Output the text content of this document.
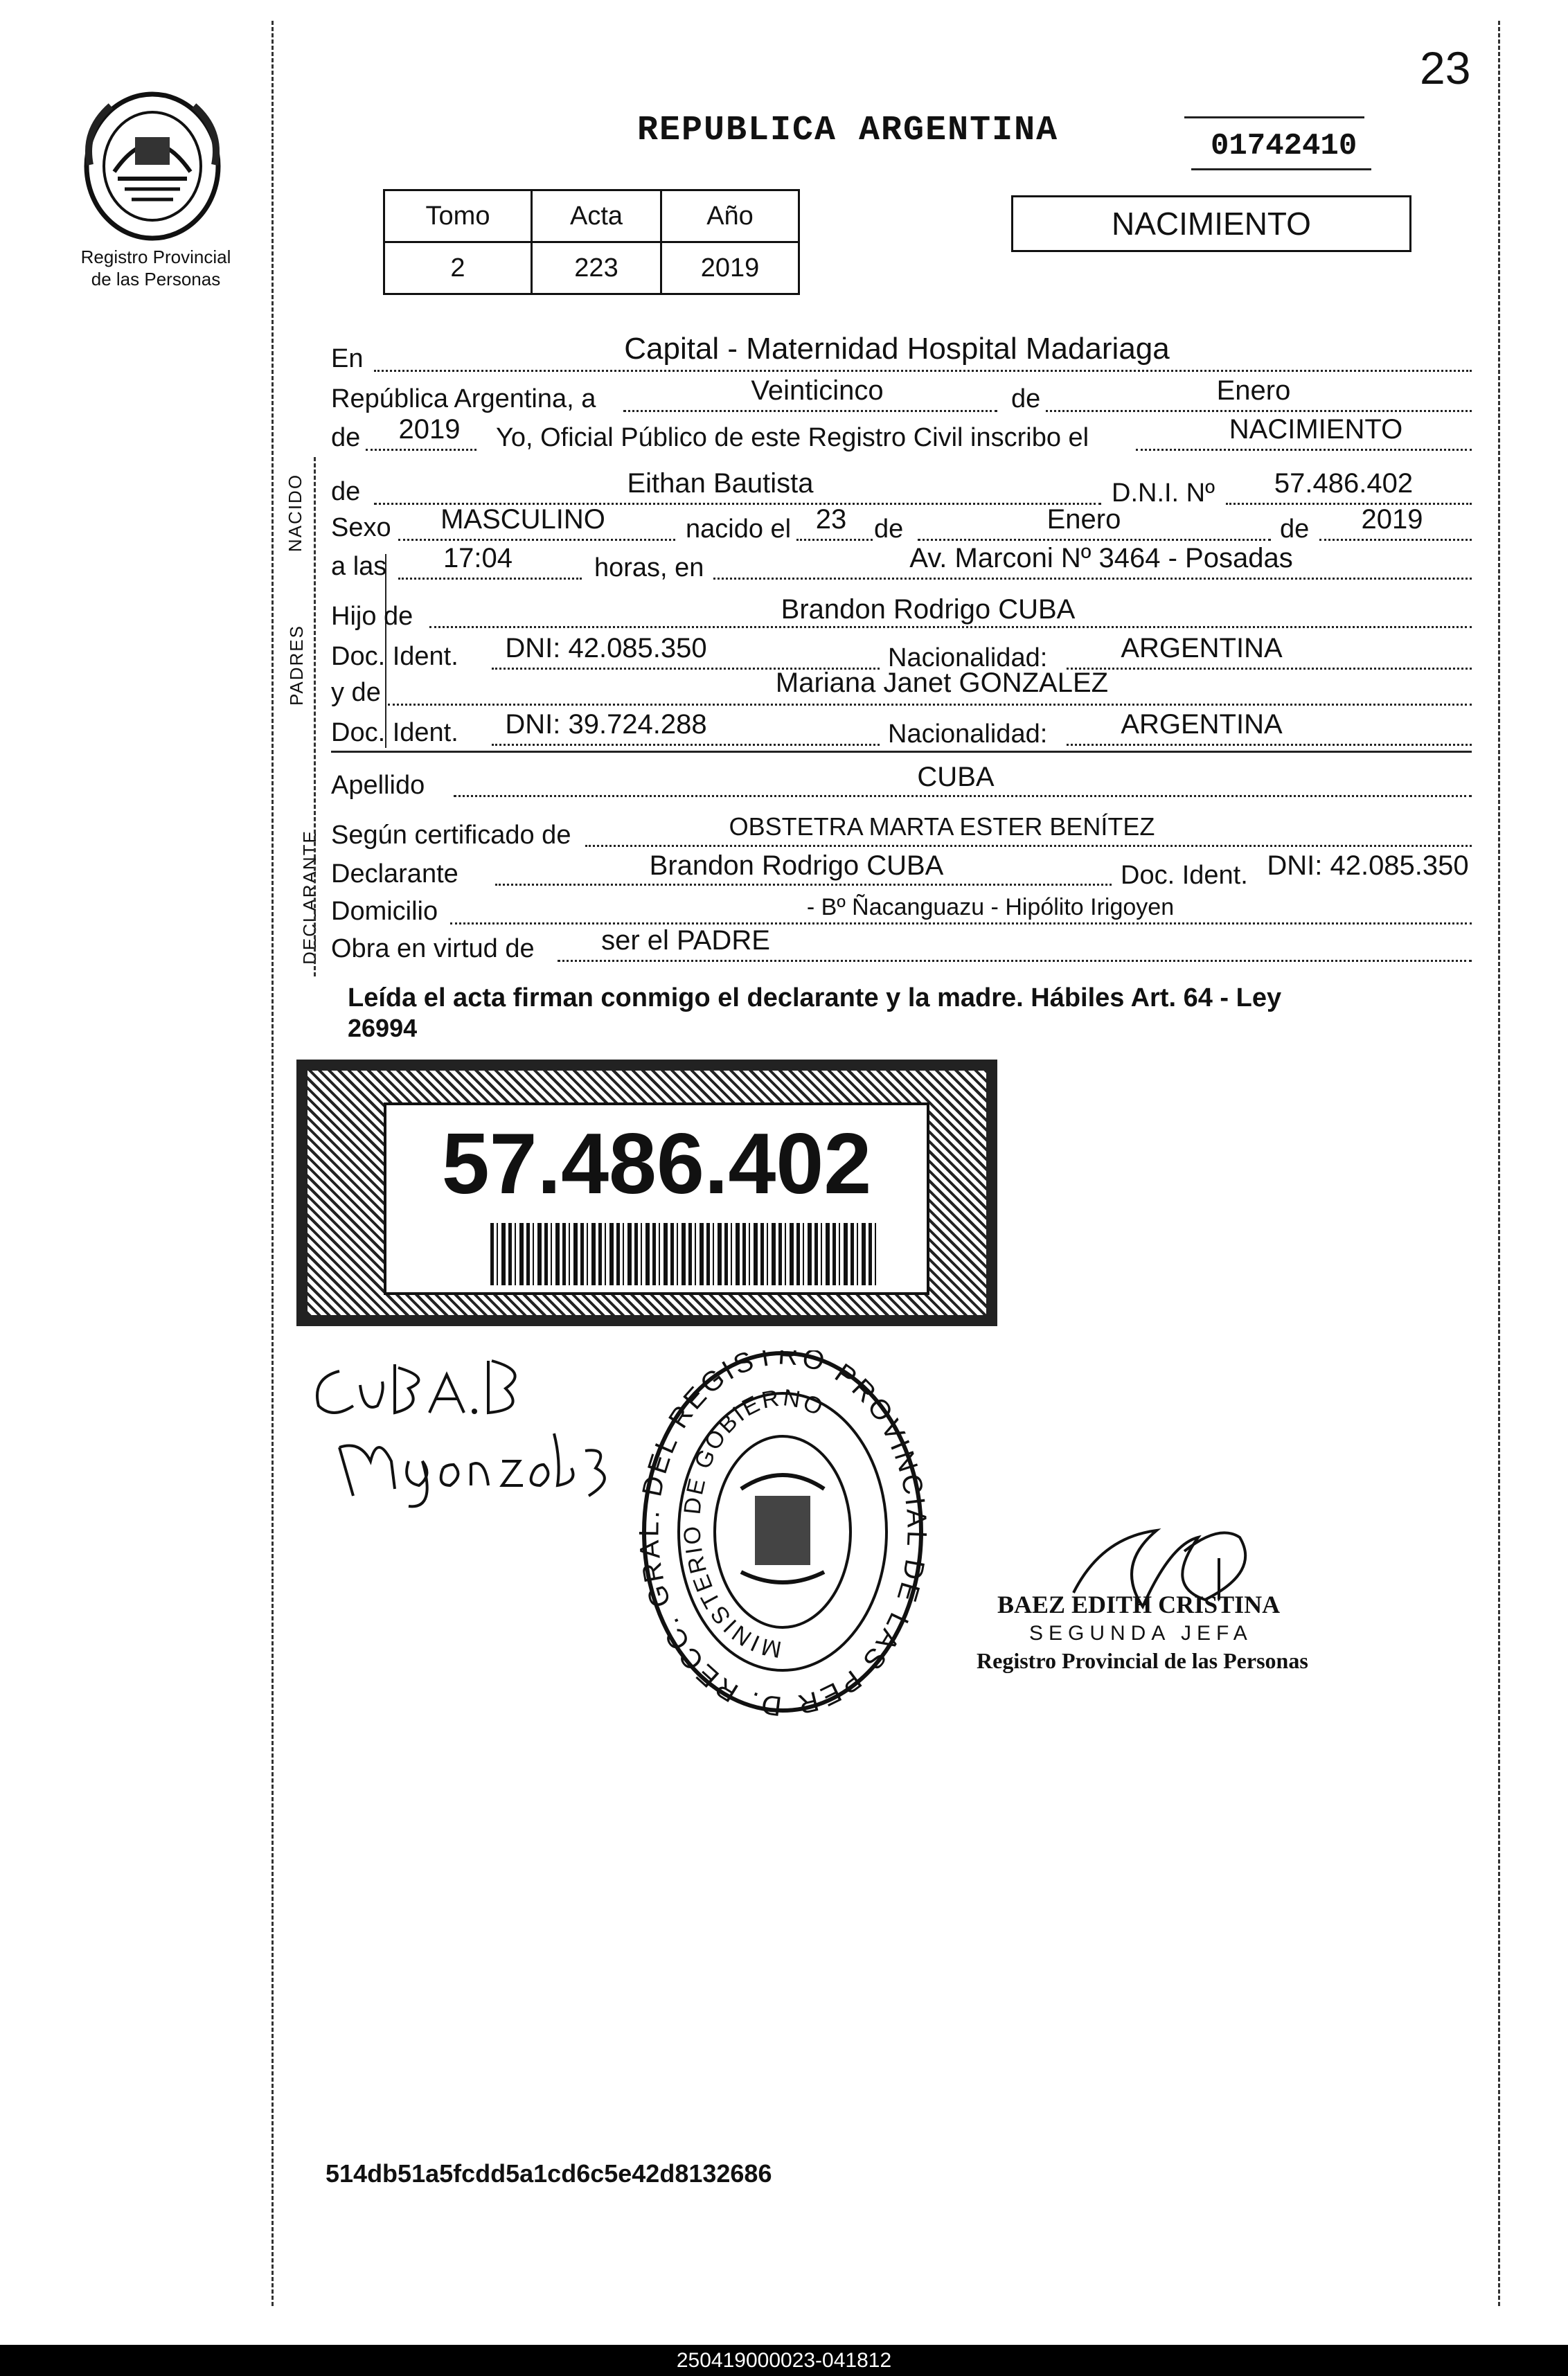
23
Registro Provincial
de las Personas
REPUBLICA ARGENTINA	01742410
NACIMIENTO
Tomo	Acta	Año
2	223	2019
NACIDO
PADRES
DECLARANTE
En	Capital - Maternidad Hospital Madariaga
República Argentina, a	Veinticinco	de	Enero
de	2019	Yo, Oficial Público de este Registro Civil inscribo el	NACIMIENTO
de	Eithan Bautista	D.N.I. Nº	57.486.402
Sexo	MASCULINO	nacido el 23	de	Enero	de	2019
a las	17:04	horas, en	Av. Marconi Nº 3464 - Posadas
Hijo de	Brandon Rodrigo CUBA
Doc. Ident.	DNI: 42.085.350	Nacionalidad:	ARGENTINA
y de	Mariana Janet GONZALEZ
Doc. Ident.	DNI: 39.724.288	Nacionalidad:	ARGENTINA
Apellido	CUBA
Según certificado de	OBSTETRA MARTA ESTER BENÍTEZ
Declarante	Brandon Rodrigo CUBA	Doc. Ident. DNI: 42.085.350
Domicilio	- Bº Ñacanguazu - Hipólito Irigoyen
Obra en virtud de	ser el PADRE
Leída el acta firman conmigo el declarante y la madre. Hábiles Art. 64 - Ley
26994
57.486.402
D. RECC. GR . DEL REGISTRO PROVINCI DE LAS PER
MINISTERIO DE GOBIERNO
BAEZ EDITH CRISTINA
SEGUNDA JEFA
Registro Provincial de las Personas
514db51a5fcdd5a1cd6c5e42d8132686
250419000023-041812
